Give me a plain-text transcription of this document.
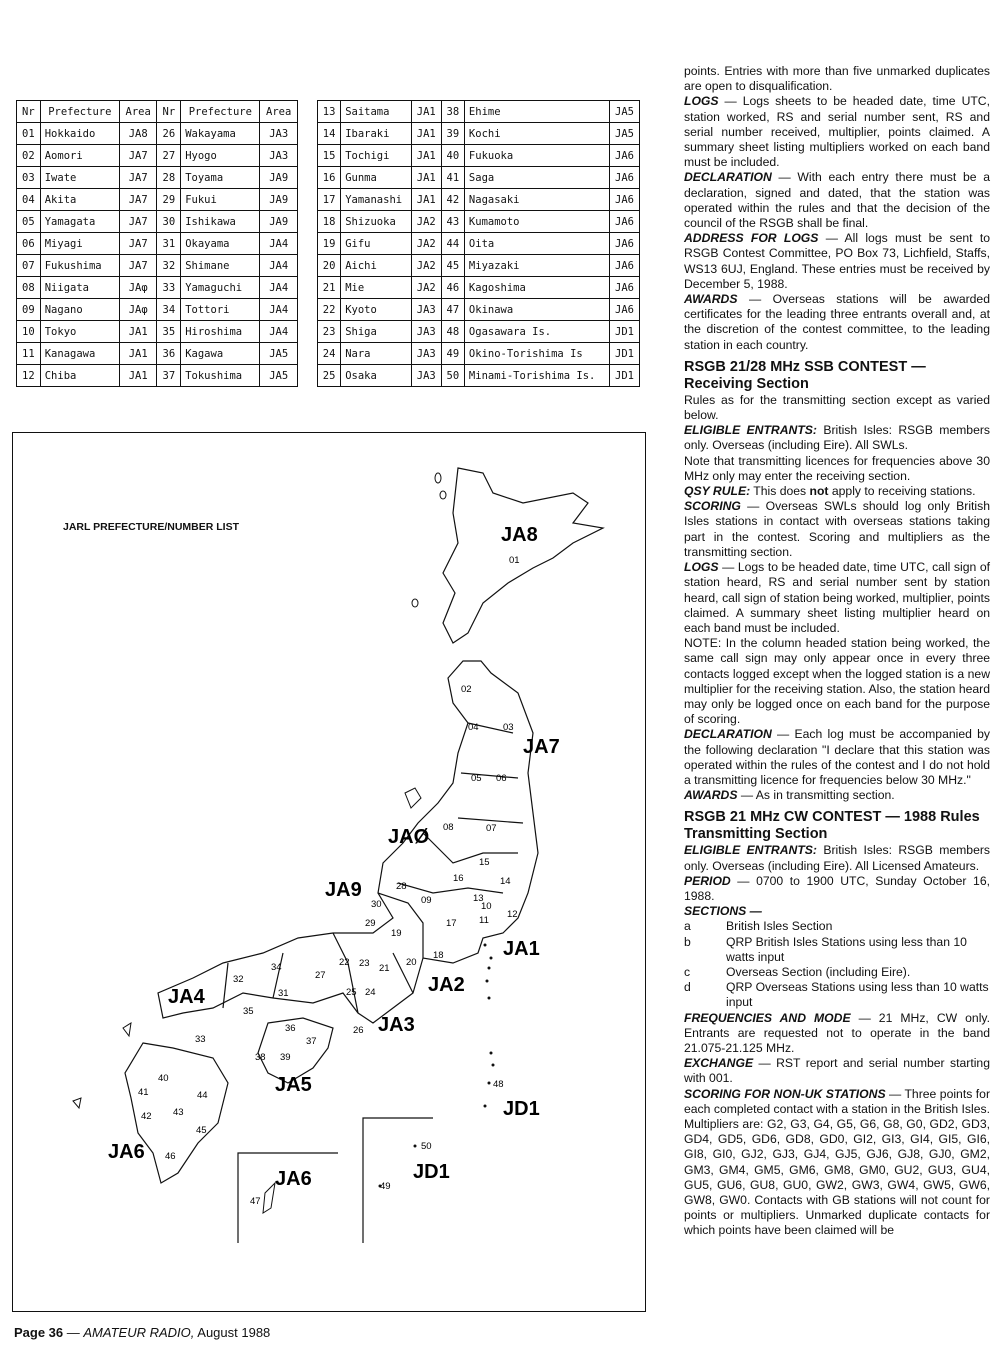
Nr	Prefecture	Area	Nr	Prefecture	Area
01	Hokkaido	JA8	26	Wakayama	JA3
02	Aomori	JA7	27	Hyogo	JA3
03	Iwate	JA7	28	Toyama	JA9
04	Akita	JA7	29	Fukui	JA9
05	Yamagata	JA7	30	Ishikawa	JA9
06	Miyagi	JA7	31	Okayama	JA4
07	Fukushima	JA7	32	Shimane	JA4
08	Niigata	JAφ	33	Yamaguchi	JA4
09	Nagano	JAφ	34	Tottori	JA4
10	Tokyo	JA1	35	Hiroshima	JA4
11	Kanagawa	JA1	36	Kagawa	JA5
12	Chiba	JA1	37	Tokushima	JA5
13	Saitama	JA1	38	Ehime	JA5
14	Ibaraki	JA1	39	Kochi	JA5
15	Tochigi	JA1	40	Fukuoka	JA6
16	Gunma	JA1	41	Saga	JA6
17	Yamanashi	JA1	42	Nagasaki	JA6
18	Shizuoka	JA2	43	Kumamoto	JA6
19	Gifu	JA2	44	Oita	JA6
20	Aichi	JA2	45	Miyazaki	JA6
21	Mie	JA2	46	Kagoshima	JA6
22	Kyoto	JA3	47	Okinawa	JA6
23	Shiga	JA3	48	Ogasawara Is.	JD1
24	Nara	JA3	49	Okino-Torishima Is	JD1
25	Osaka	JA3	50	Minami-Torishima Is.	JD1
JARL PREFECTURE/NUMBER LIST	JA8
JA7
JAØ
JA9
JA1
JA2
JA3
JA4
JA5
JA6
JD1
JA6	JD1
01
02
03
04
05 06
07
08
09
10
11
12
13
14
15
16
17
18
19
20
21
22 23
24
25
26
27
28
29
30
31
32
33
34
35
36
37
38 39
40
41
42 43
44
45
46
47
48
49
50

points. Entries with more than five unmarked duplicates are open to disqualification.

LOGS — Logs sheets to be headed date, time UTC, station worked, RS and serial number sent, RS and serial number received, multiplier, points claimed. A summary sheet listing multipliers worked on each band must be included.

DECLARATION — With each entry there must be a declaration, signed and dated, that the station was operated within the rules and that the decision of the council of the RSGB shall be final.

ADDRESS FOR LOGS — All logs must be sent to RSGB Contest Committee, PO Box 73, Lichfield, Staffs, WS13 6UJ, England. These entries must be received by December 5, 1988.

AWARDS — Overseas stations will be awarded certificates for the leading three entrants overall and, at the discretion of the contest committee, to the leading station in each country.

RSGB 21/28 MHz SSB CONTEST — Receiving Section

Rules as for the transmitting section except as varied below.

ELIGIBLE ENTRANTS: British Isles: RSGB members only. Overseas (including Eire). All SWLs.

Note that transmitting licences for frequencies above 30 MHz only may enter the receiving section.

QSY RULE: This does not apply to receiving stations.

SCORING — Overseas SWLs should log only British Isles stations in contact with overseas stations taking part in the contest. Scoring and multipliers as the transmitting section.

LOGS — Logs to be headed date, time UTC, call sign of station heard, RS and serial number sent by station heard, call sign of station being worked, multiplier, points claimed. A summary sheet listing multiplier heard on each band must be included.

NOTE: In the column headed station being worked, the same call sign may only appear once in every three contacts logged except when the logged station is a new multiplier for the receiving station. Also, the station heard may only be logged once on each band for the purpose of scoring.

DECLARATION — Each log must be accompanied by the following declaration "I declare that this station was operated within the rules of the contest and I do not hold a transmitting licence for frequencies below 30 MHz."

AWARDS — As in transmitting section.

RSGB 21 MHz CW CONTEST — 1988 Rules
Transmitting Section

ELIGIBLE ENTRANTS: British Isles: RSGB members only. Overseas (including Eire). All Licensed Amateurs.

PERIOD — 0700 to 1900 UTC, Sunday October 16, 1988.

SECTIONS —

a	British Isles Section
b	QRP British Isles Stations using less than 10 watts input
c	Overseas Section (including Eire).
d	QRP Overseas Stations using less than 10 watts input

FREQUENCIES AND MODE — 21 MHz, CW only. Entrants are requested not to operate in the band 21.075-21.125 MHz.

EXCHANGE — RST report and serial number starting with 001.

SCORING FOR NON-UK STATIONS — Three points for each completed contact with a station in the British Isles. Multipliers are: G2, G3, G4, G5, G6, G8, G0, GD2, GD3, GD4, GD5, GD6, GD8, GD0, GI2, GI3, GI4, GI5, GI6, GI8, GI0, GJ2, GJ3, GJ4, GJ5, GJ6, GJ8, GJ0, GM2, GM3, GM4, GM5, GM6, GM8, GM0, GU2, GU3, GU4, GU5, GU6, GU8, GU0, GW2, GW3, GW4, GW5, GW6, GW8, GW0. Contacts with GB stations will not count for points or multipliers. Unmarked duplicate contacts for which points have been claimed will be

Page 36 — AMATEUR RADIO, August 1988
